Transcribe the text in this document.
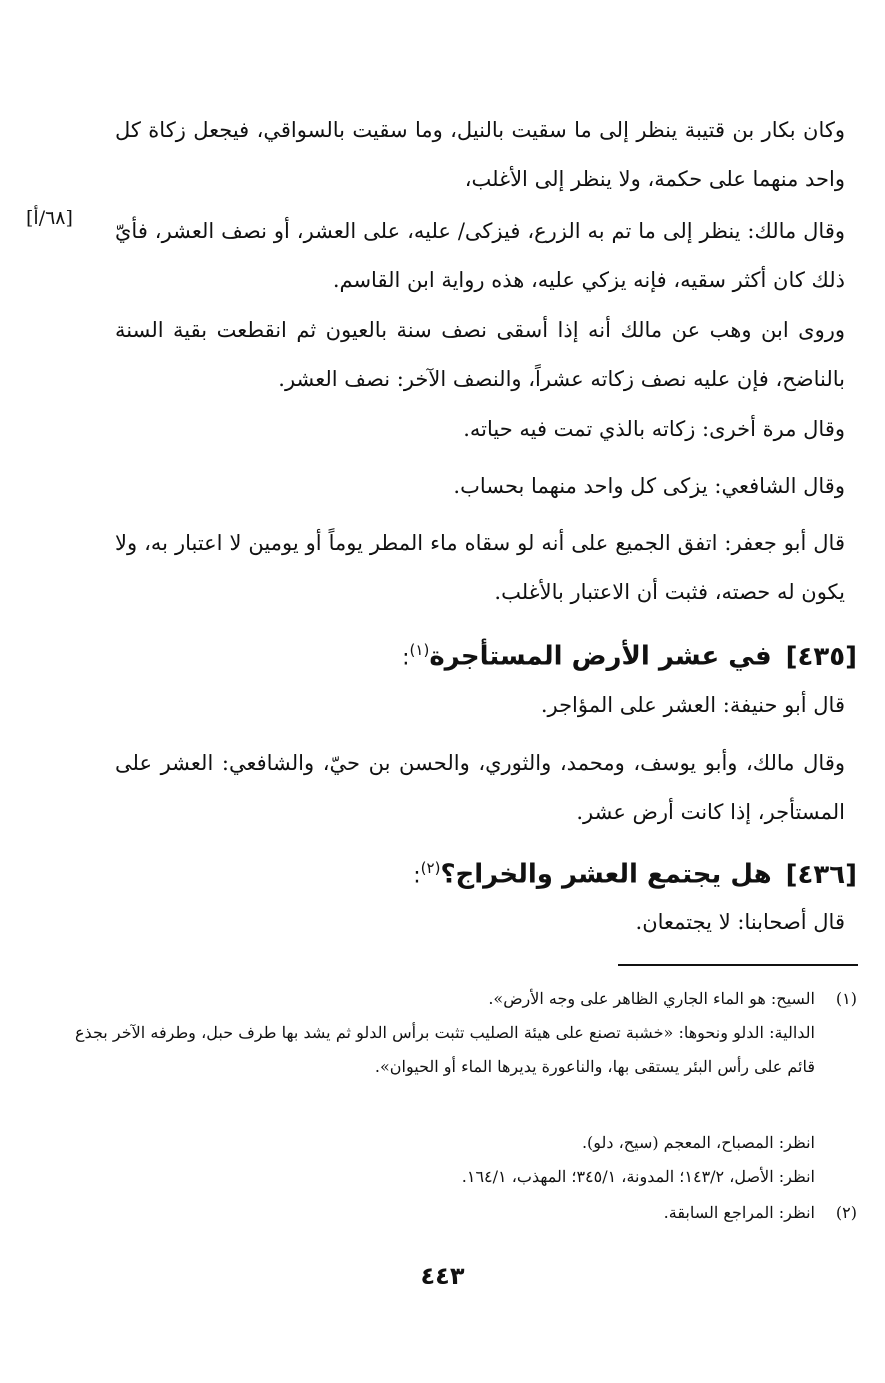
وكان بكار بن قتيبة ينظر إلى ما سقيت بالنيل، وما سقيت بالسواقي، فيجعل زكاة كل واحد منهما على حكمة، ولا ينظر إلى الأغلب،

وقال مالك: ينظر إلى ما تم به الزرع، فيزكى/ عليه، على العشر، أو نصف العشر، فأيّ ذلك كان أكثر سقيه، فإنه يزكي عليه، هذه رواية ابن القاسم.

[٦٨/أ]

وروى ابن وهب عن مالك أنه إذا أسقى نصف سنة بالعيون ثم انقطعت بقية السنة بالناضح، فإن عليه نصف زكاته عشراً، والنصف الآخر: نصف العشر.

وقال مرة أخرى: زكاته بالذي تمت فيه حياته.

وقال الشافعي: يزكى كل واحد منهما بحساب.

قال أبو جعفر: اتفق الجميع على أنه لو سقاه ماء المطر يوماً أو يومين لا اعتبار به، ولا يكون له حصته، فثبت أن الاعتبار بالأغلب.

[٤٣٥]في عشر الأرض المستأجرة$^{(١)}$:

قال أبو حنيفة: العشر على المؤاجر.

وقال مالك، وأبو يوسف، ومحمد، والثوري، والحسن بن حيّ، والشافعي: العشر على المستأجر، إذا كانت أرض عشر.

[٤٣٦]هل يجتمع العشر والخراج؟$^{(٢)}$:

قال أصحابنا: لا يجتمعان.

(١)

السيح: هو الماء الجاري الظاهر على وجه الأرض».

الدالية: الدلو ونحوها: «خشبة تصنع على هيئة الصليب تثبت برأس الدلو ثم يشد بها طرف حبل، وطرفه الآخر بجذع قائم على رأس البئر يستقى بها، والناعورة يديرها الماء أو الحيوان».

انظر: المصباح، المعجم (سيح، دلو).

انظر: الأصل، ١٤٣/٢؛ المدونة، ٣٤٥/١؛ المهذب، ١٦٤/١.

(٢)

انظر: المراجع السابقة.

٤٤٣
